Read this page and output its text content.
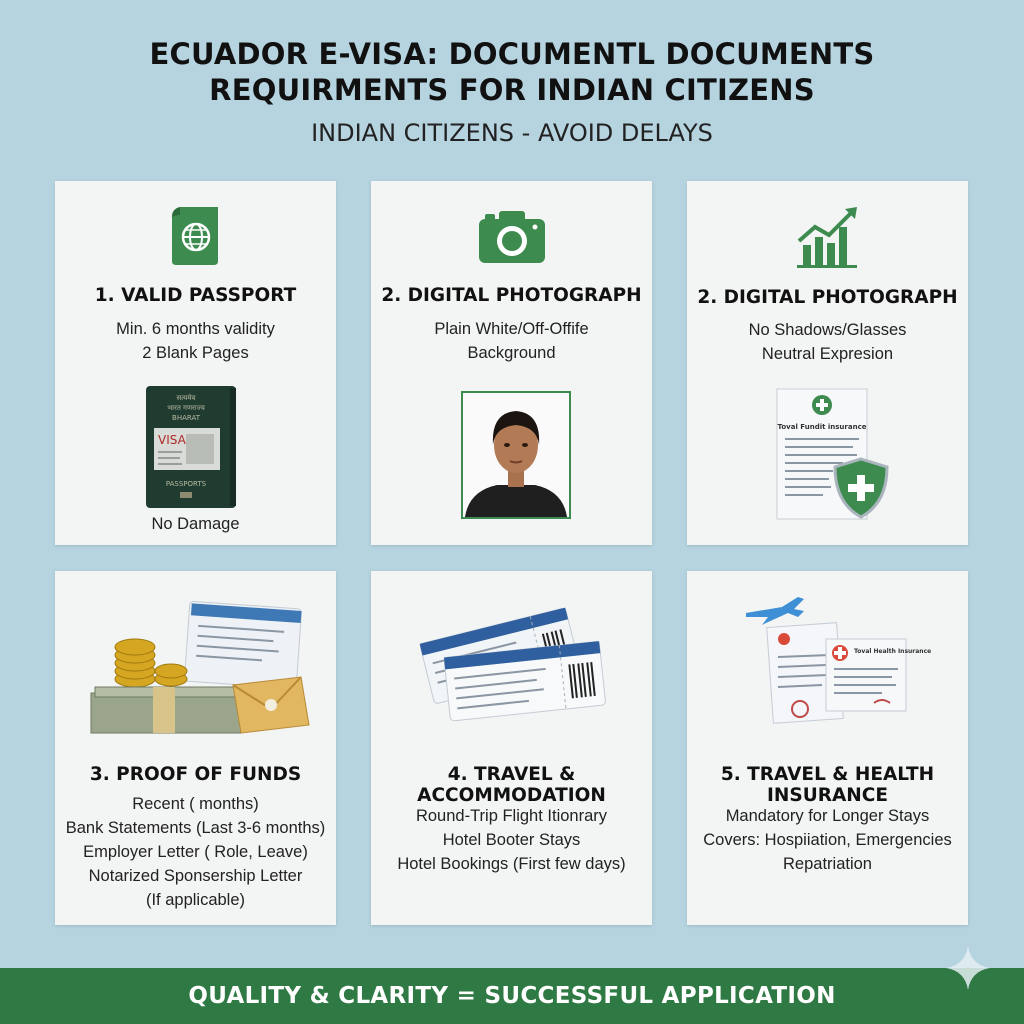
ECUADOR E-VISA: DOCUMENTL DOCUMENTS
REQUIRMENTS FOR INDIAN CITIZENS
INDIAN CITIZENS - AVOID DELAYS
1. VALID PASSPORT
Min. 6 months validity
2 Blank Pages
सत्यमेव
भारत गणराज्य
BHARAT
VISA
PASSPORTS
No Damage
2. DIGITAL PHOTOGRAPH
Plain White/Off-Offife
Background
2. DIGITAL PHOTOGRAPH
No Shadows/Glasses
Neutral Expresion
Toval Fundit insurance
3. PROOF OF FUNDS
Recent ( months)
Bank Statements (Last 3-6 months)
Employer Letter ( Role, Leave)
Notarized Sponsership Letter
(If applicable)
4. TRAVEL & ACCOMMODATION
Round-Trip Flight Itionrary
Hotel Booter Stays
Hotel Bookings (First few days)
Toval Health Insurance
5. TRAVEL & HEALTH INSURANCE
Mandatory for Longer Stays
Covers: Hospiiation, Emergencies
Repatriation
QUALITY & CLARITY = SUCCESSFUL APPLICATION
